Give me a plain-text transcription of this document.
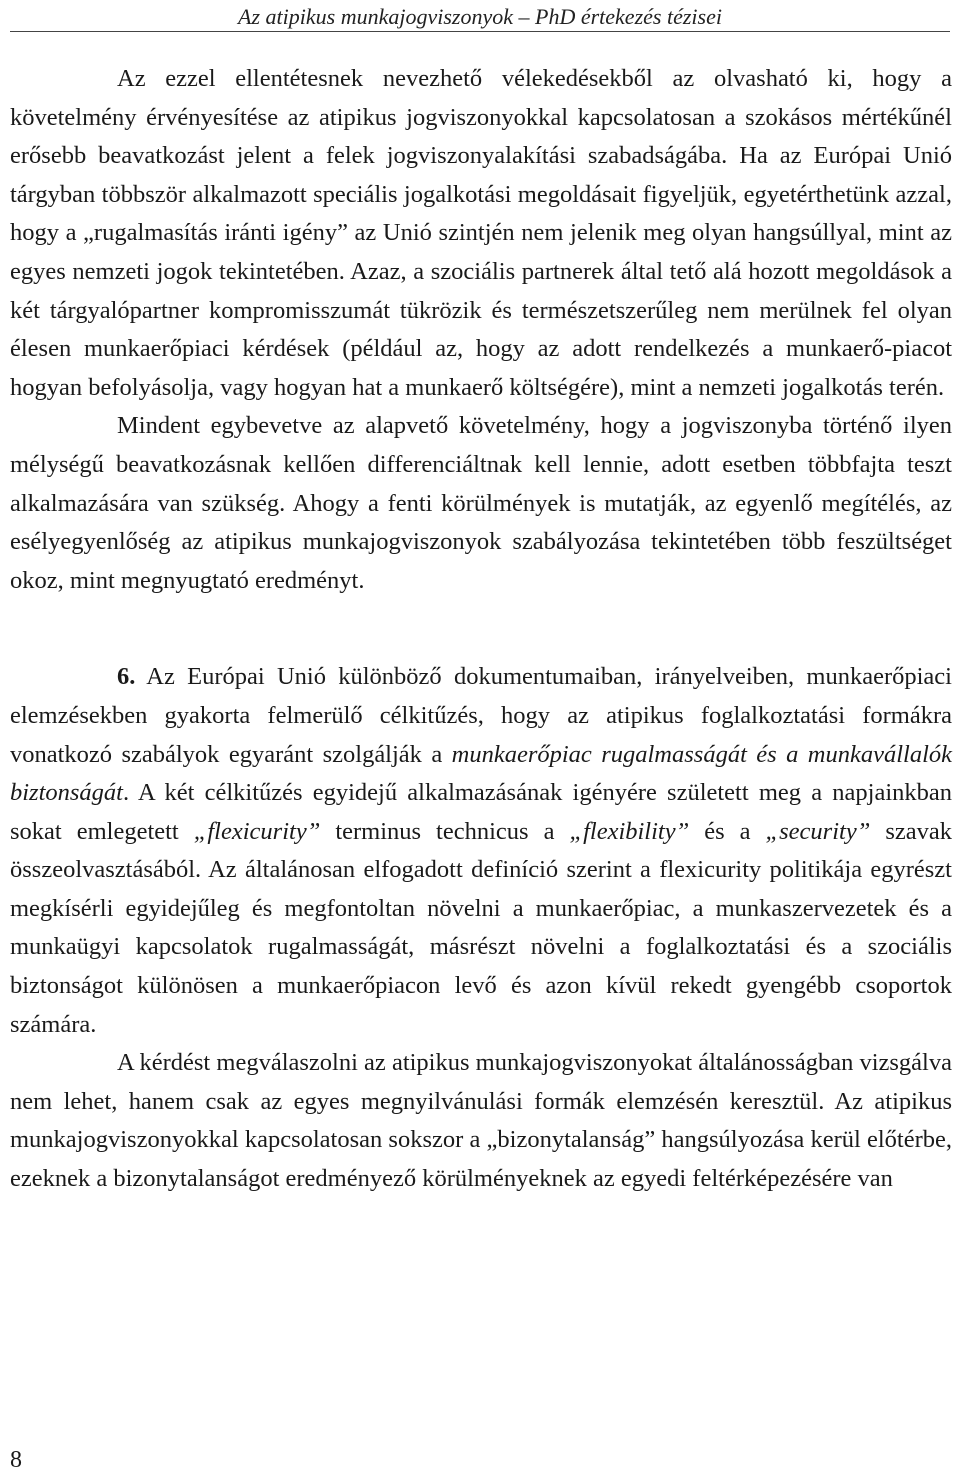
Az atipikus munkajogviszonyok – PhD értekezés tézisei

Az ezzel ellentétesnek nevezhető vélekedésekből az olvasható ki, hogy a követelmény érvényesítése az atipikus jogviszonyokkal kapcsolatosan a szokásos mértékűnél erősebb beavatkozást jelent a felek jogviszonyalakítási szabadságába. Ha az Európai Unió tárgyban többször alkalmazott speciális jogalkotási megoldásait figyeljük, egyetérthetünk azzal, hogy a „rugalmasítás iránti igény” az Unió szintjén nem jelenik meg olyan hangsúllyal, mint az egyes nemzeti jogok tekintetében. Azaz, a szociális partnerek által tető alá hozott megoldások a két tárgyalópartner kompromisszumát tükrözik és természetszerűleg nem merülnek fel olyan élesen munkaerőpiaci kérdések (például az, hogy az adott rendelkezés a munkaerő-piacot hogyan befolyásolja, vagy hogyan hat a munkaerő költségére), mint a nemzeti jogalkotás terén.

Mindent egybevetve az alapvető követelmény, hogy a jogviszonyba történő ilyen mélységű beavatkozásnak kellően differenciáltnak kell lennie, adott esetben többfajta teszt alkalmazására van szükség. Ahogy a fenti körülmények is mutatják, az egyenlő megítélés, az esélyegyenlőség az atipikus munkajogviszonyok szabályozása tekintetében több feszültséget okoz, mint megnyugtató eredményt.

6. Az Európai Unió különböző dokumentumaiban, irányelveiben, munkaerőpiaci elemzésekben gyakorta felmerülő célkitűzés, hogy az atipikus foglalkoztatási formákra vonatkozó szabályok egyaránt szolgálják a munkaerőpiac rugalmasságát és a munkavállalók biztonságát. A két célkitűzés egyidejű alkalmazásának igényére született meg a napjainkban sokat emlegetett „flexicurity” terminus technicus a „flexibility” és a „security” szavak összeolvasztásából. Az általánosan elfogadott definíció szerint a flexicurity politikája egyrészt megkísérli egyidejűleg és megfontoltan növelni a munkaerőpiac, a munkaszervezetek és a munkaügyi kapcsolatok rugalmasságát, másrészt növelni a foglalkoztatási és a szociális biztonságot különösen a munkaerőpiacon levő és azon kívül rekedt gyengébb csoportok számára.

A kérdést megválaszolni az atipikus munkajogviszonyokat általánosságban vizsgálva nem lehet, hanem csak az egyes megnyilvánulási formák elemzésén keresztül. Az atipikus munkajogviszonyokkal kapcsolatosan sokszor a „bizonytalanság” hangsúlyozása kerül előtérbe, ezeknek a bizonytalanságot eredményező körülményeknek az egyedi feltérképezésére van

8
